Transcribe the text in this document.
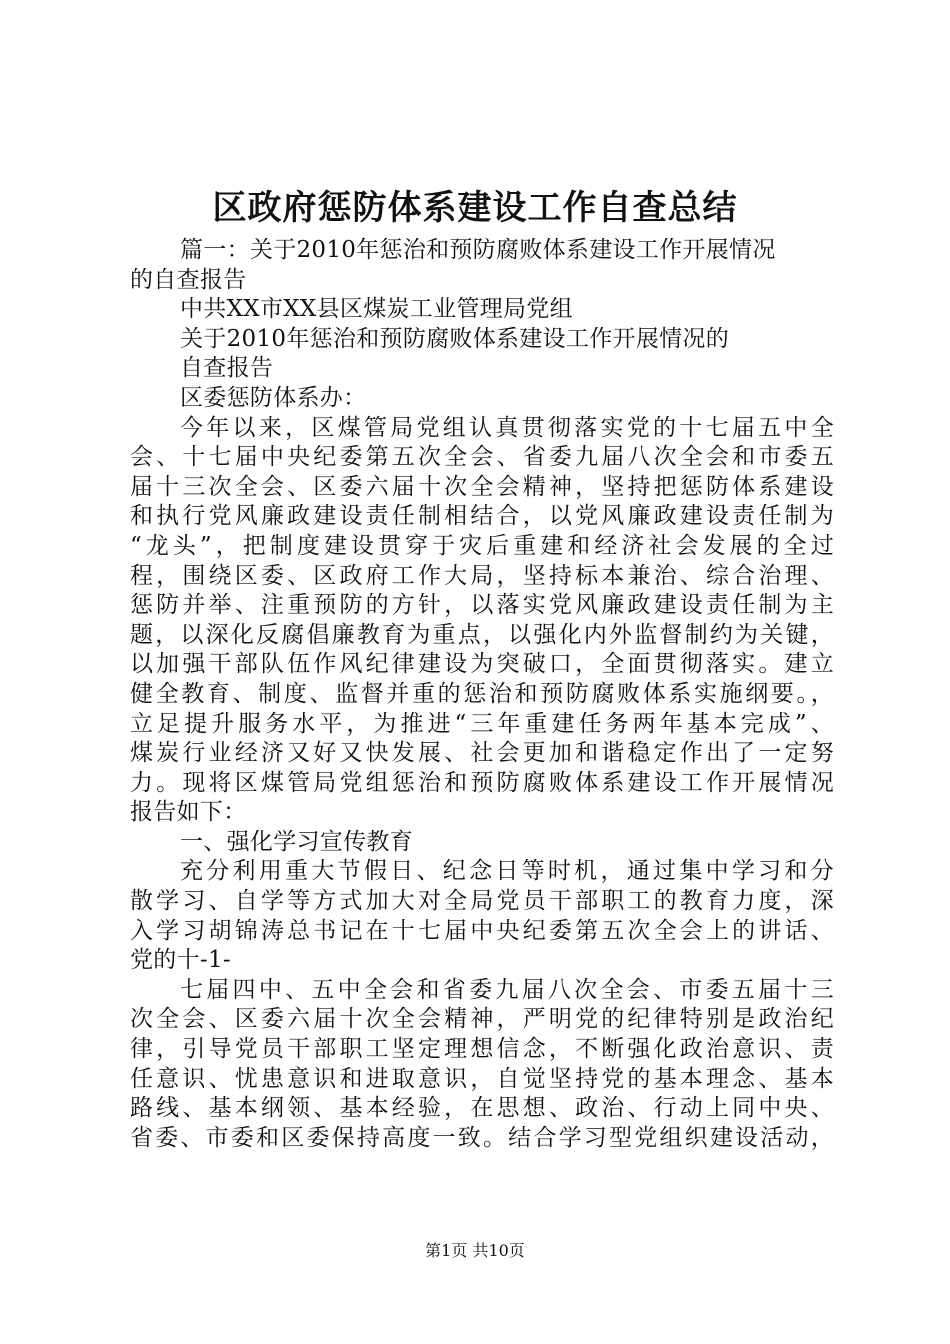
区政府惩防体系建设工作自查总结
篇一：关于2010年惩治和预防腐败体系建设工作开展情况
的自查报告
中共XX市XX县区煤炭工业管理局党组
关于2010年惩治和预防腐败体系建设工作开展情况的
自查报告
区委惩防体系办：
今年以来，区煤管局党组认真贯彻落实党的十七届五中全
会、十七届中央纪委第五次全会、省委九届八次全会和市委五
届十三次全会、区委六届十次全会精神，坚持把惩防体系建设
和执行党风廉政建设责任制相结合，以党风廉政建设责任制为
“龙头”，把制度建设贯穿于灾后重建和经济社会发展的全过
程，围绕区委、区政府工作大局，坚持标本兼治、综合治理、
惩防并举、注重预防的方针，以落实党风廉政建设责任制为主
题，以深化反腐倡廉教育为重点，以强化内外监督制约为关键，
以加强干部队伍作风纪律建设为突破口，全面贯彻落实。建立
健全教育、制度、监督并重的惩治和预防腐败体系实施纲要。，
立足提升服务水平，为推进“三年重建任务两年基本完成”、
煤炭行业经济又好又快发展、社会更加和谐稳定作出了一定努
力。现将区煤管局党组惩治和预防腐败体系建设工作开展情况
报告如下：
一、强化学习宣传教育
充分利用重大节假日、纪念日等时机，通过集中学习和分
散学习、自学等方式加大对全局党员干部职工的教育力度，深
入学习胡锦涛总书记在十七届中央纪委第五次全会上的讲话、
党的十-1-
七届四中、五中全会和省委九届八次全会、市委五届十三
次全会、区委六届十次全会精神，严明党的纪律特别是政治纪
律，引导党员干部职工坚定理想信念，不断强化政治意识、责
任意识、忧患意识和进取意识，自觉坚持党的基本理念、基本
路线、基本纲领、基本经验，在思想、政治、行动上同中央、
省委、市委和区委保持高度一致。结合学习型党组织建设活动，
第1页 共10页
